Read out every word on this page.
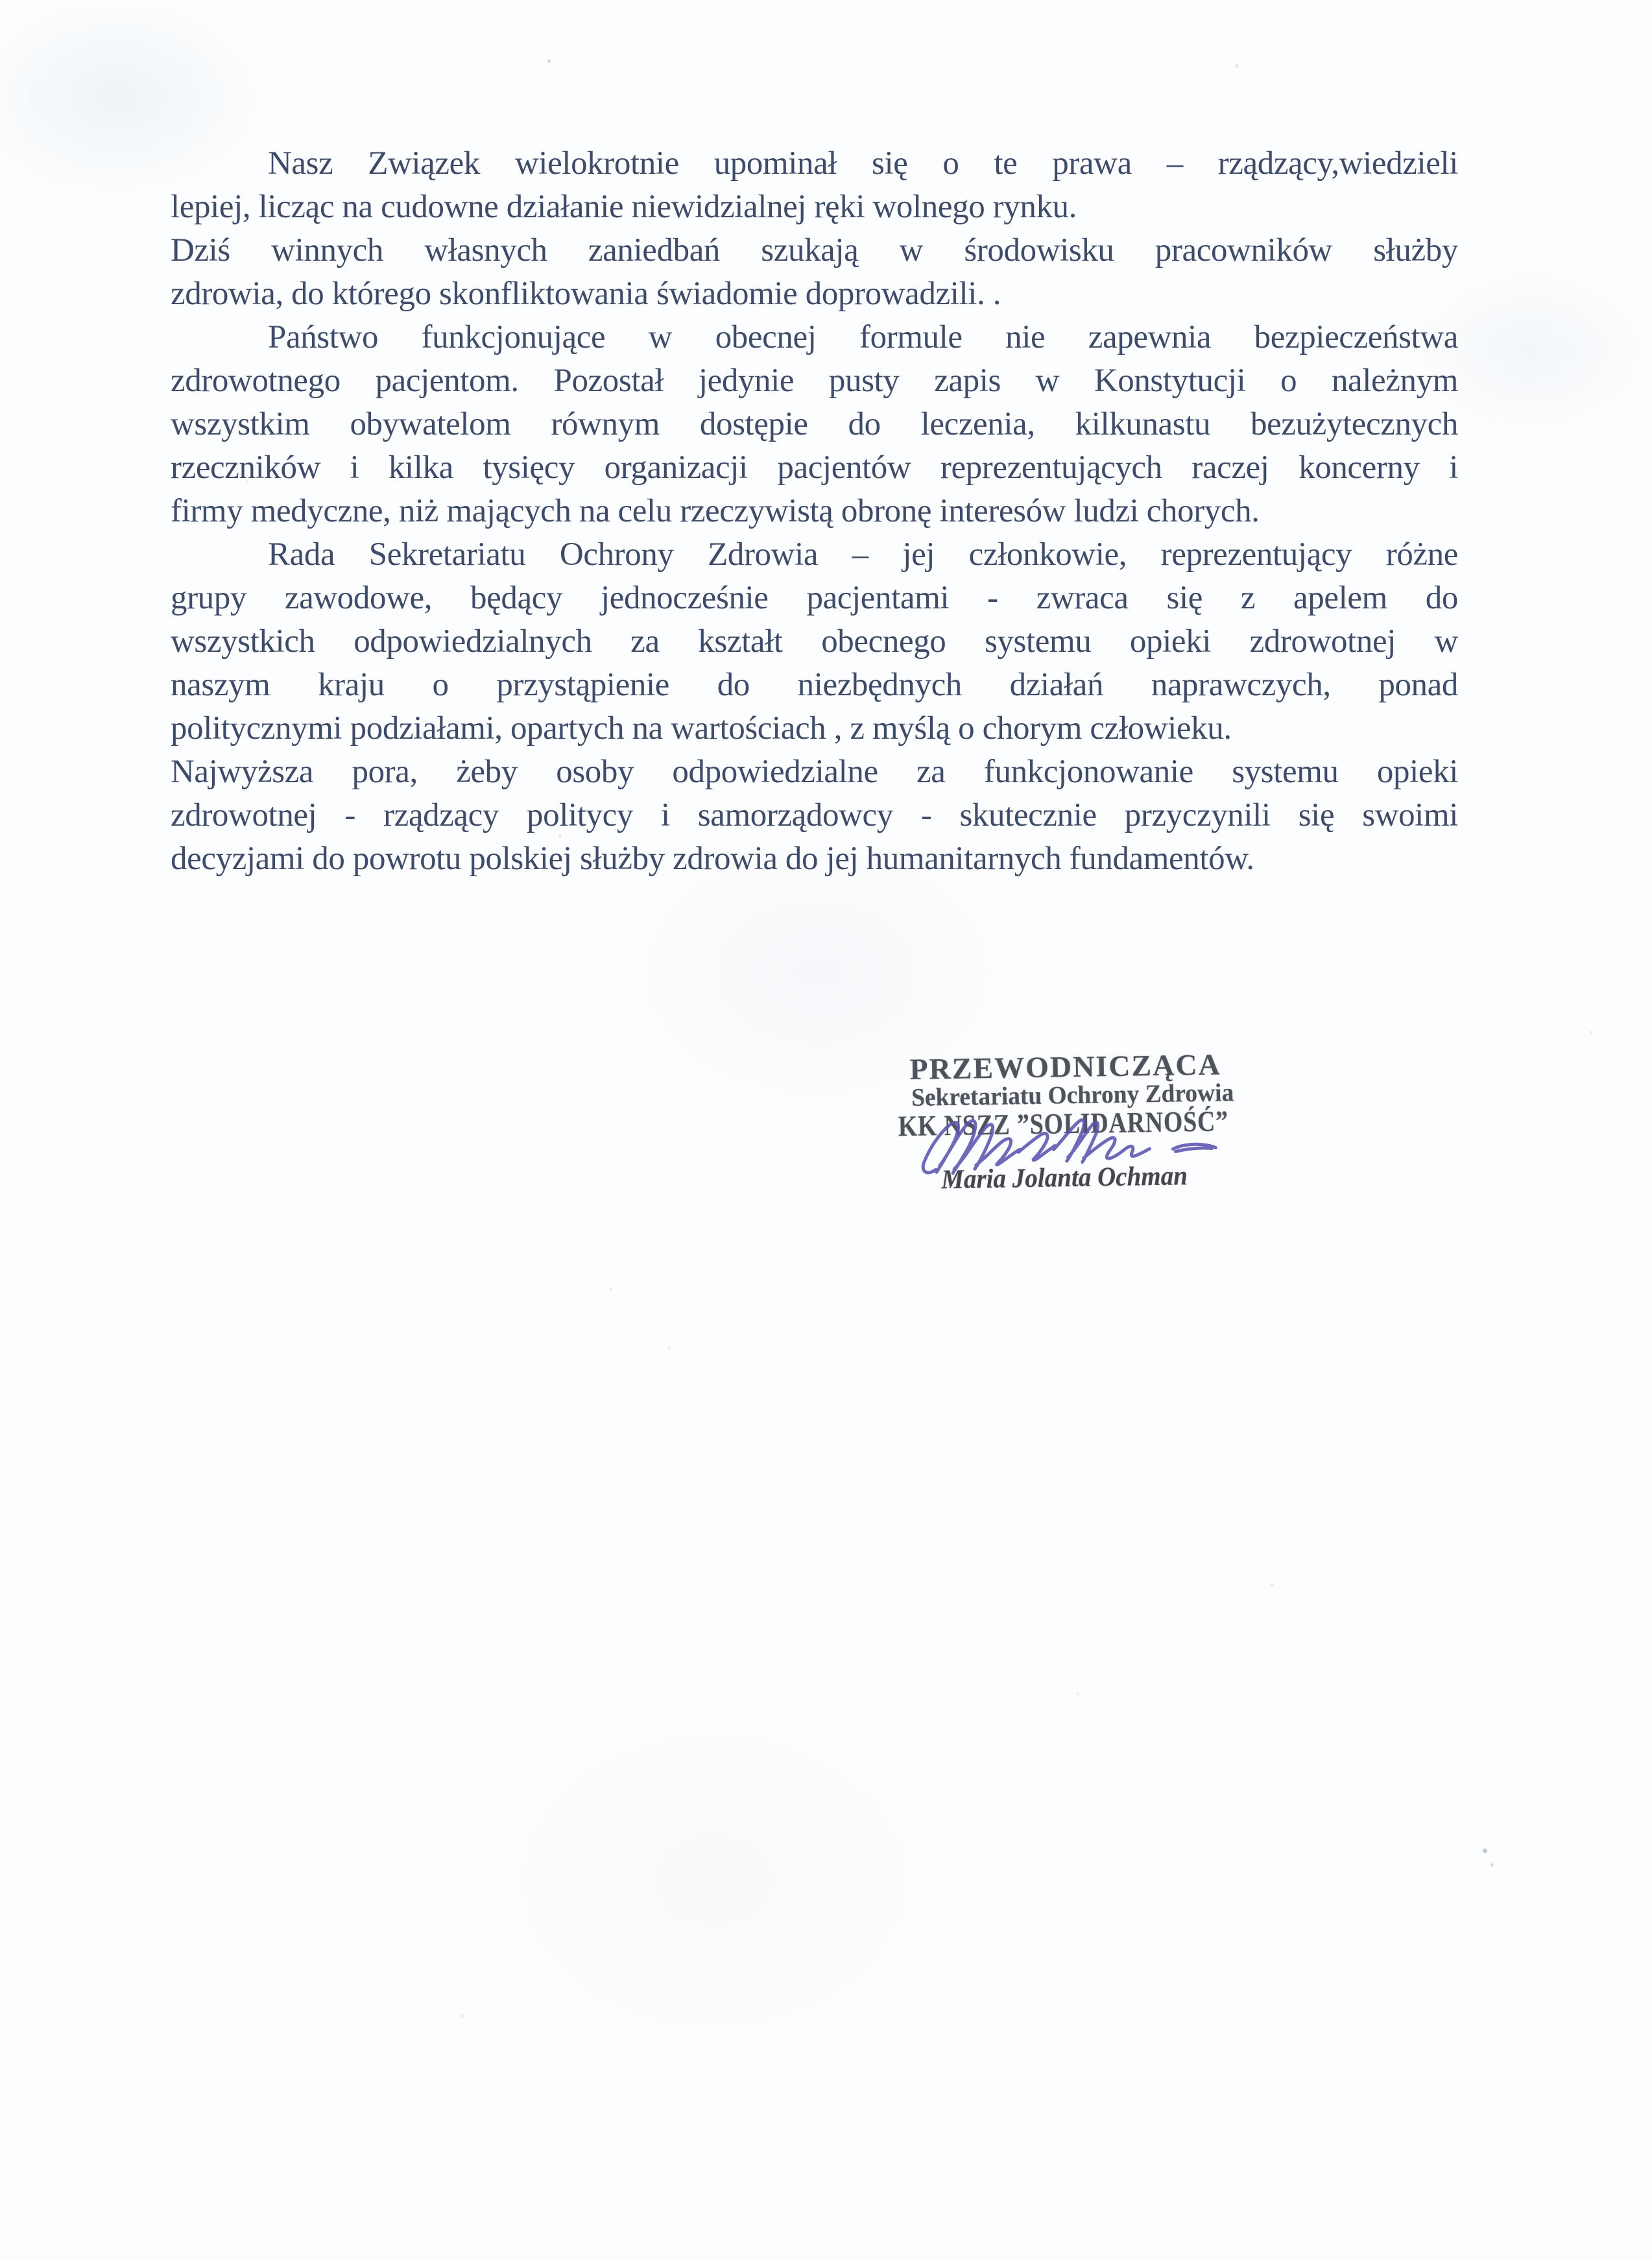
Nasz Związek wielokrotnie upominał się o te prawa – rządzący,wiedzieli
lepiej, licząc na cudowne działanie niewidzialnej ręki wolnego rynku.

Dziś winnych własnych zaniedbań szukają w środowisku pracowników służby
zdrowia, do którego skonfliktowania świadomie doprowadzili. .

Państwo funkcjonujące w obecnej formule nie zapewnia bezpieczeństwa
zdrowotnego pacjentom. Pozostał jedynie pusty zapis w Konstytucji o należnym
wszystkim obywatelom równym dostępie do leczenia, kilkunastu bezużytecznych
rzeczników i kilka tysięcy organizacji pacjentów reprezentujących raczej koncerny i
firmy medyczne, niż mających na celu rzeczywistą obronę interesów ludzi chorych.

Rada Sekretariatu Ochrony Zdrowia – jej członkowie, reprezentujący różne
grupy zawodowe, będący jednocześnie pacjentami - zwraca się z apelem do
wszystkich odpowiedzialnych za kształt obecnego systemu opieki zdrowotnej w
naszym kraju o przystąpienie do niezbędnych działań naprawczych, ponad
politycznymi podziałami, opartych na wartościach , z myślą o chorym człowieku.

Najwyższa pora, żeby osoby odpowiedzialne za funkcjonowanie systemu opieki
zdrowotnej - rządzący politycy i samorządowcy - skutecznie przyczynili się swoimi
decyzjami do powrotu polskiej służby zdrowia do jej humanitarnych fundamentów.

PRZEWODNICZĄCA
Sekretariatu Ochrony Zdrowia
KK NSZZ ”SOLIDARNOŚĆ”
Maria Jolanta Ochman
